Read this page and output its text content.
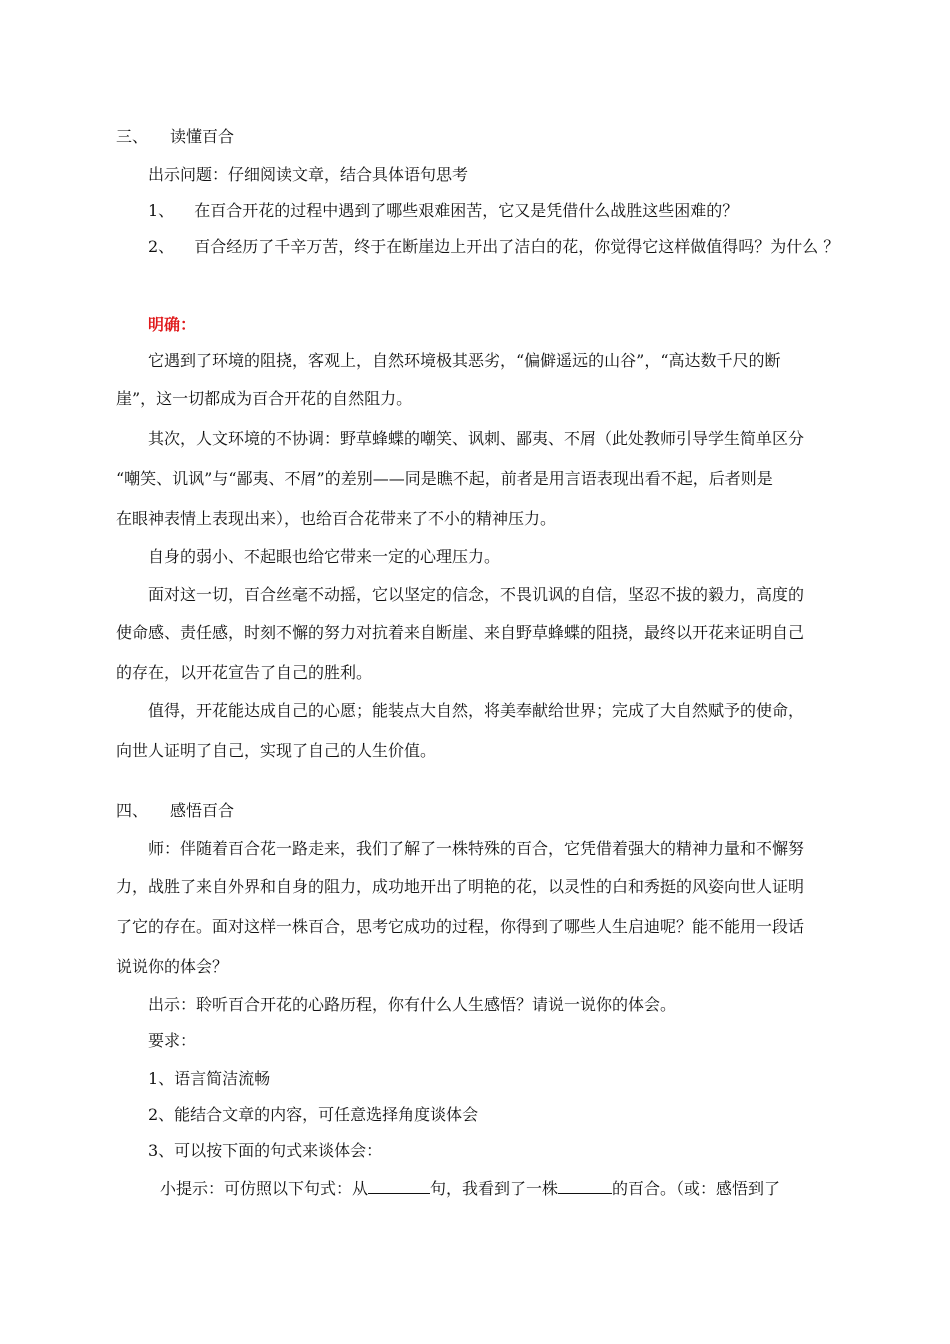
三、 读懂百合
出示问题：仔细阅读文章，结合具体语句思考
1、 在百合开花的过程中遇到了哪些艰难困苦，它又是凭借什么战胜这些困难的？
2、 百合经历了千辛万苦，终于在断崖边上开出了洁白的花，你觉得它这样做值得吗？为什么 ？
明确：
它遇到了环境的阻挠，客观上，自然环境极其恶劣，“偏僻遥远的山谷”，“高达数千尺的断
崖”，这一切都成为百合开花的自然阻力。
其次，人文环境的不协调：野草蜂蝶的嘲笑、讽刺、鄙夷、不屑（此处教师引导学生简单区分
“嘲笑、讥讽”与“鄙夷、不屑”的差别——同是瞧不起，前者是用言语表现出看不起，后者则是
在眼神表情上表现出来），也给百合花带来了不小的精神压力。
自身的弱小、不起眼也给它带来一定的心理压力。
面对这一切，百合丝毫不动摇，它以坚定的信念，不畏讥讽的自信，坚忍不拔的毅力，高度的
使命感、责任感，时刻不懈的努力对抗着来自断崖、来自野草蜂蝶的阻挠，最终以开花来证明自己
的存在，以开花宣告了自己的胜利。
值得，开花能达成自己的心愿；能装点大自然，将美奉献给世界；完成了大自然赋予的使命，
向世人证明了自己，实现了自己的人生价值。
四、 感悟百合
师：伴随着百合花一路走来，我们了解了一株特殊的百合，它凭借着强大的精神力量和不懈努
力，战胜了来自外界和自身的阻力，成功地开出了明艳的花，以灵性的白和秀挺的风姿向世人证明
了它的存在。面对这样一株百合，思考它成功的过程，你得到了哪些人生启迪呢？能不能用一段话
说说你的体会？
出示：聆听百合开花的心路历程，你有什么人生感悟？请说一说你的体会。
要求：
1、语言简洁流畅
2、能结合文章的内容，可任意选择角度谈体会
3、可以按下面的句式来谈体会：
小提示：可仿照以下句式：从	句，我看到了一株	的百合。（或：感悟到了
